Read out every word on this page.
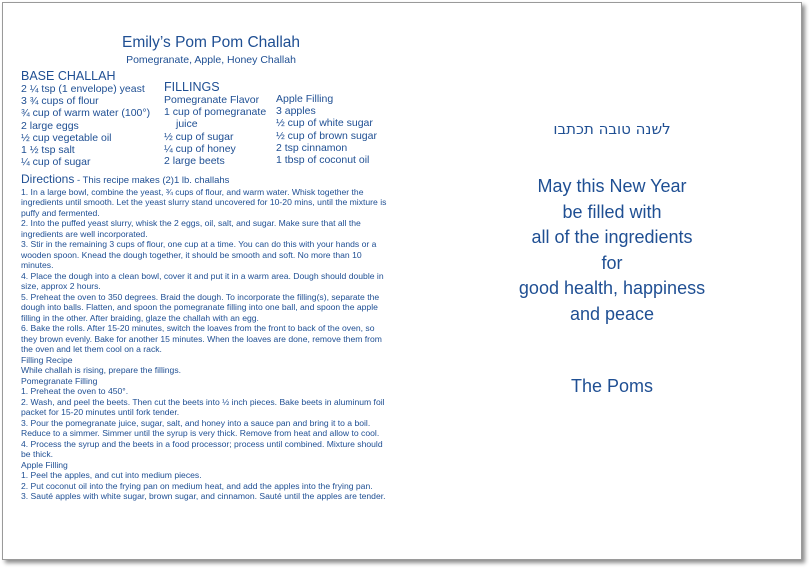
Emily’s Pom Pom Challah
Pomegranate, Apple, Honey Challah
BASE CHALLAH
2 ¼ tsp (1 envelope) yeast
3 ¾ cups of flour
¾ cup of warm water (100°)
2 large eggs
½ cup vegetable oil
1 ½ tsp salt
¼ cup of sugar
FILLINGS
Pomegranate Flavor
1 cup of pomegranate
juice
½ cup of sugar
¼ cup of honey
2 large beets
Apple Filling
3 apples
½ cup of white sugar
½ cup of brown sugar
2 tsp cinnamon
1 tbsp of coconut oil

Directions - This recipe makes (2)1 lb. challahs

1. In a large bowl, combine the yeast, ¾ cups of flour, and warm water. Whisk together the ingredients until smooth. Let the yeast slurry stand uncovered for 10-20 mins, until the mixture is puffy and fermented.

2. Into the puffed yeast slurry, whisk the 2 eggs, oil, salt, and sugar. Make sure that all the ingredients are well incorporated.

3. Stir in the remaining 3 cups of flour, one cup at a time. You can do this with your hands or a wooden spoon. Knead the dough together, it should be smooth and soft. No more than 10 minutes.

4. Place the dough into a clean bowl, cover it and put it in a warm area. Dough should double in size, approx 2 hours.

5. Preheat the oven to 350 degrees. Braid the dough. To incorporate the filling(s), separate the dough into balls. Flatten, and spoon the pomegranate filling into one ball, and spoon the apple filling in the other. After braiding, glaze the challah with an egg.

6. Bake the rolls. After 15-20 minutes, switch the loaves from the front to back of the oven, so they brown evenly. Bake for another 15 minutes. When the loaves are done, remove them from the oven and let them cool on a rack.

Filling Recipe

While challah is rising, prepare the fillings.

Pomegranate Filling

1. Preheat the oven to 450°.

2. Wash, and peel the beets. Then cut the beets into ½ inch pieces. Bake beets in aluminum foil packet for 15-20 minutes until fork tender.

3. Pour the pomegranate juice, sugar, salt, and honey into a sauce pan and bring it to a boil. Reduce to a simmer. Simmer until the syrup is very thick. Remove from heat and allow to cool.

4. Process the syrup and the beets in a food processor; process until combined. Mixture should be thick.

Apple Filling

1. Peel the apples, and cut into medium pieces.

2. Put coconut oil into the frying pan on medium heat, and add the apples into the frying pan.

3. Sauté apples with white sugar, brown sugar, and cinnamon. Sauté until the apples are tender.

לשנה טובה תכתבו
May this New Year
be filled with
all of the ingredients
for
good health, happiness
and peace
The Poms
